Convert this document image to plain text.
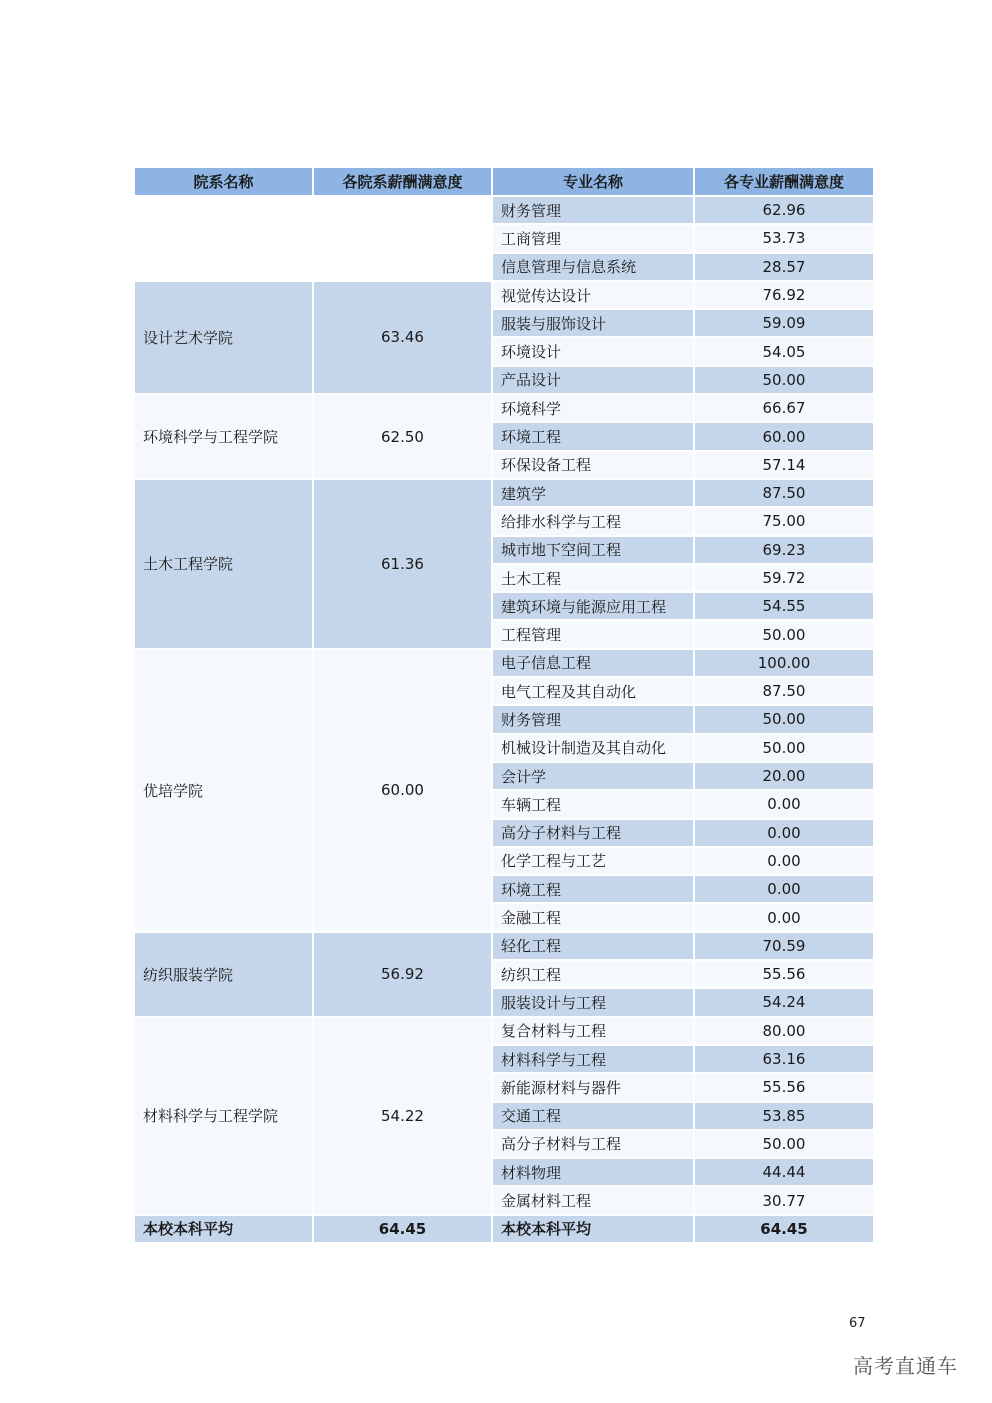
院系名称	各院系薪酬满意度	专业名称	各专业薪酬满意度
		财务管理	62.96
		工商管理	53.73
		信息管理与信息系统	28.57
设计艺术学院	63.46	视觉传达设计	76.92
		服装与服饰设计	59.09
		环境设计	54.05
		产品设计	50.00
环境科学与工程学院	62.50	环境科学	66.67
		环境工程	60.00
		环保设备工程	57.14
土木工程学院	61.36	建筑学	87.50
		给排水科学与工程	75.00
		城市地下空间工程	69.23
		土木工程	59.72
		建筑环境与能源应用工程	54.55
		工程管理	50.00
优培学院	60.00	电子信息工程	100.00
		电气工程及其自动化	87.50
		财务管理	50.00
		机械设计制造及其自动化	50.00
		会计学	20.00
		车辆工程	0.00
		高分子材料与工程	0.00
		化学工程与工艺	0.00
		环境工程	0.00
		金融工程	0.00
纺织服装学院	56.92	轻化工程	70.59
		纺织工程	55.56
		服装设计与工程	54.24
材料科学与工程学院	54.22	复合材料与工程	80.00
		材料科学与工程	63.16
		新能源材料与器件	55.56
		交通工程	53.85
		高分子材料与工程	50.00
		材料物理	44.44
		金属材料工程	30.77
本校本科平均	64.45	本校本科平均	64.45
67
高考直通车
